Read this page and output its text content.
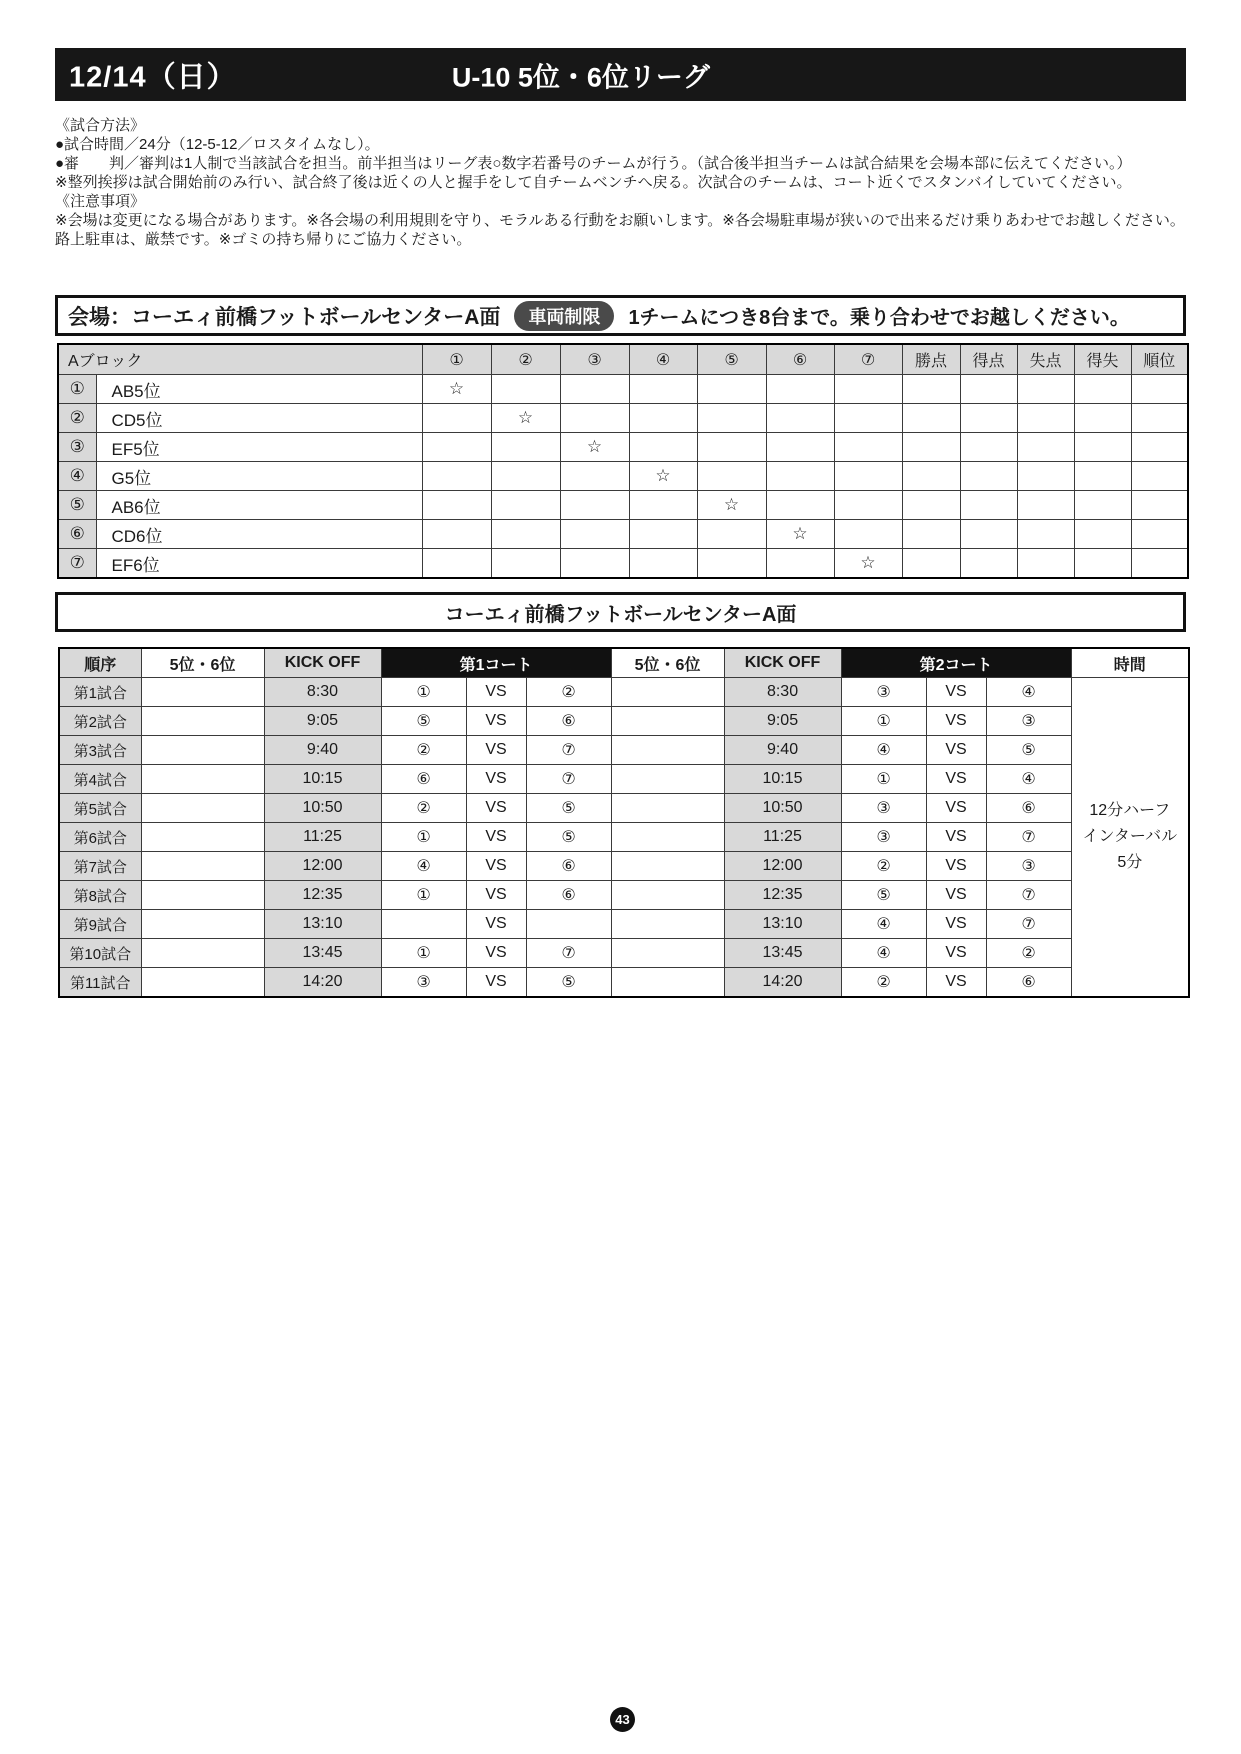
12/14（日）	U-10 5位・6位リーグ
《試合方法》
●試合時間／24分（12-5-12／ロスタイムなし）。
●審　　判／審判は1人制で当該試合を担当。前半担当はリーグ表○数字若番号のチームが行う。（試合後半担当チームは試合結果を会場本部に伝えてください。）
※整列挨拶は試合開始前のみ行い、試合終了後は近くの人と握手をして自チームベンチへ戻る。次試合のチームは、コート近くでスタンバイしていてください。
《注意事項》
※会場は変更になる場合があります。※各会場の利用規則を守り、モラルある行動をお願いします。※各会場駐車場が狭いので出来るだけ乗りあわせでお越しください。路上駐車は、厳禁です。※ゴミの持ち帰りにご協力ください。
会場：コーエィ前橋フットボールセンターA面	車両制限	1チームにつき8台まで。乗り合わせでお越しください。
Aブロック		①	②	③	④	⑤	⑥	⑦	勝点	得点	失点	得失	順位
①	AB5位	☆											
②	CD5位		☆										
③	EF5位			☆									
④	G5位				☆								
⑤	AB6位					☆							
⑥	CD6位						☆						
⑦	EF6位							☆					
コーエィ前橋フットボールセンターA面
順序	5位・6位	KICK OFF	第1コート			5位・6位	KICK OFF	第2コート			時間
第1試合		8:30	①	VS	②		8:30	③	VS	④	12分ハーフ
インターバル
5分

第2試合		9:05	⑤	VS	⑥		9:05	①	VS	③	
第3試合		9:40	②	VS	⑦		9:40	④	VS	⑤	
第4試合		10:15	⑥	VS	⑦		10:15	①	VS	④	
第5試合		10:50	②	VS	⑤		10:50	③	VS	⑥	
第6試合		11:25	①	VS	⑤		11:25	③	VS	⑦	
第7試合		12:00	④	VS	⑥		12:00	②	VS	③	
第8試合		12:35	①	VS	⑥		12:35	⑤	VS	⑦	
第9試合		13:10		VS			13:10	④	VS	⑦	
第10試合		13:45	①	VS	⑦		13:45	④	VS	②	
第11試合		14:20	③	VS	⑤		14:20	②	VS	⑥	
43
